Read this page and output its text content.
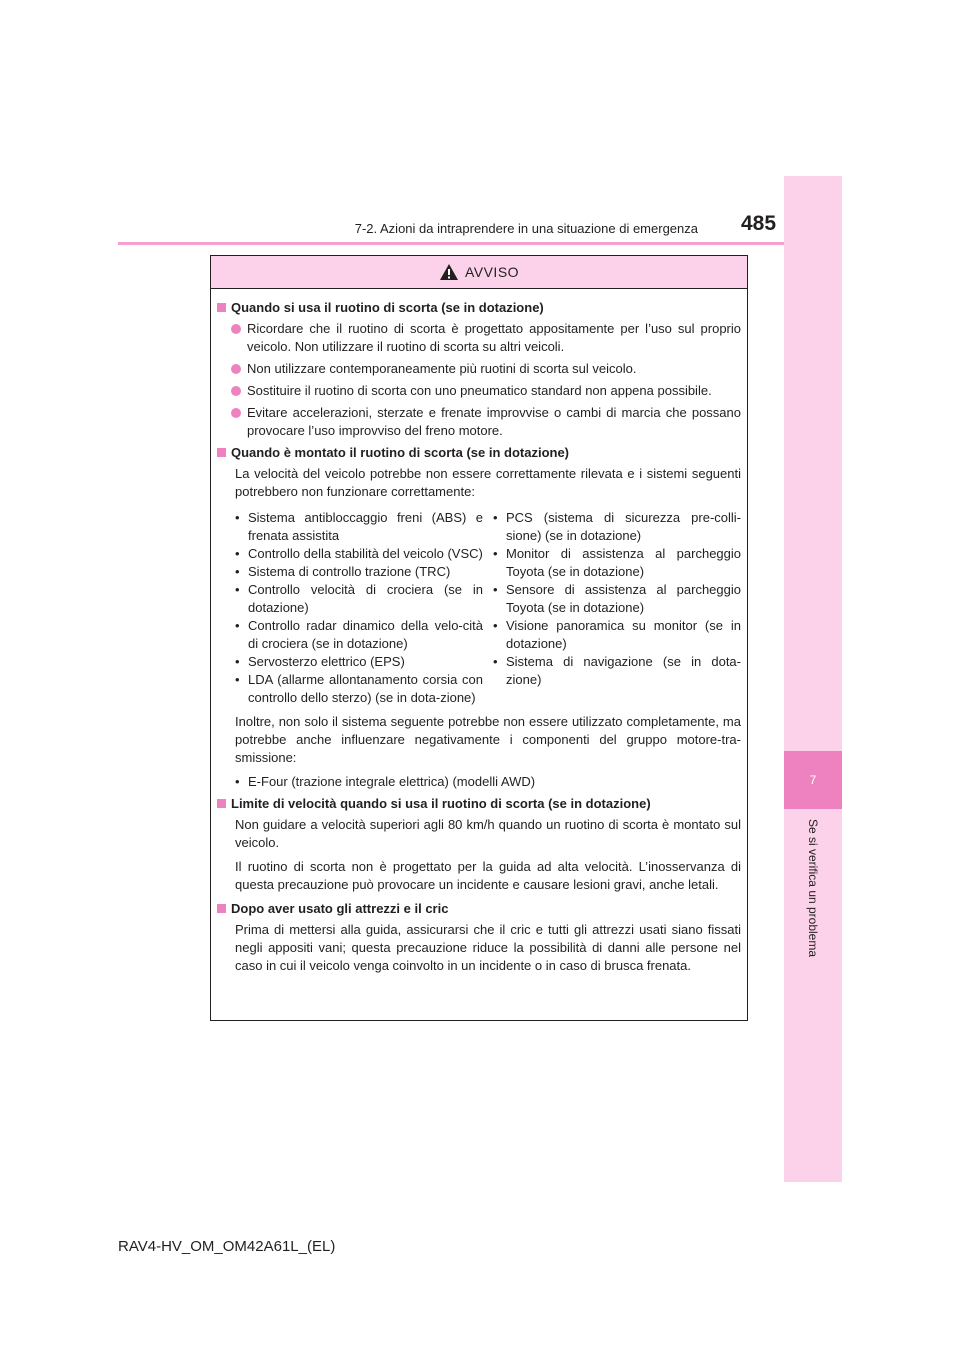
7-2. Azioni da intraprendere in una situazione di emergenza 485
7
Se si verifica un problema
AVVISO
Quando si usa il ruotino di scorta (se in dotazione)
Ricordare che il ruotino di scorta è progettato appositamente per l’uso sul proprio veicolo. Non utilizzare il ruotino di scorta su altri veicoli.
Non utilizzare contemporaneamente più ruotini di scorta sul veicolo.
Sostituire il ruotino di scorta con uno pneumatico standard non appena possibile.
Evitare accelerazioni, sterzate e frenate improvvise o cambi di marcia che possano provocare l’uso improvviso del freno motore.
Quando è montato il ruotino di scorta (se in dotazione)
La velocità del veicolo potrebbe non essere correttamente rilevata e i sistemi seguenti potrebbero non funzionare correttamente:
• Sistema antibloccaggio freni (ABS) e frenata assistita
• Controllo della stabilità del veicolo (VSC)
• Sistema di controllo trazione (TRC)
• Controllo velocità di crociera (se in dotazione)
• Controllo radar dinamico della velo-cità di crociera (se in dotazione)
• Servosterzo elettrico (EPS)
• LDA (allarme allontanamento corsia con controllo dello sterzo) (se in dota-zione)
• PCS (sistema di sicurezza pre-colli-sione) (se in dotazione)
• Monitor di assistenza al parcheggio Toyota (se in dotazione)
• Sensore di assistenza al parcheggio Toyota (se in dotazione)
• Visione panoramica su monitor (se in dotazione)
• Sistema di navigazione (se in dota-zione)
Inoltre, non solo il sistema seguente potrebbe non essere utilizzato completamente, ma potrebbe anche influenzare negativamente i componenti del gruppo motore-tra-smissione:
• E-Four (trazione integrale elettrica) (modelli AWD)
Limite di velocità quando si usa il ruotino di scorta (se in dotazione)
Non guidare a velocità superiori agli 80 km/h quando un ruotino di scorta è montato sul veicolo.
Il ruotino di scorta non è progettato per la guida ad alta velocità. L’inosservanza di questa precauzione può provocare un incidente e causare lesioni gravi, anche letali.
Dopo aver usato gli attrezzi e il cric
Prima di mettersi alla guida, assicurarsi che il cric e tutti gli attrezzi usati siano fissati negli appositi vani; questa precauzione riduce la possibilità di danni alle persone nel caso in cui il veicolo venga coinvolto in un incidente o in caso di brusca frenata.
RAV4-HV_OM_OM42A61L_(EL)
